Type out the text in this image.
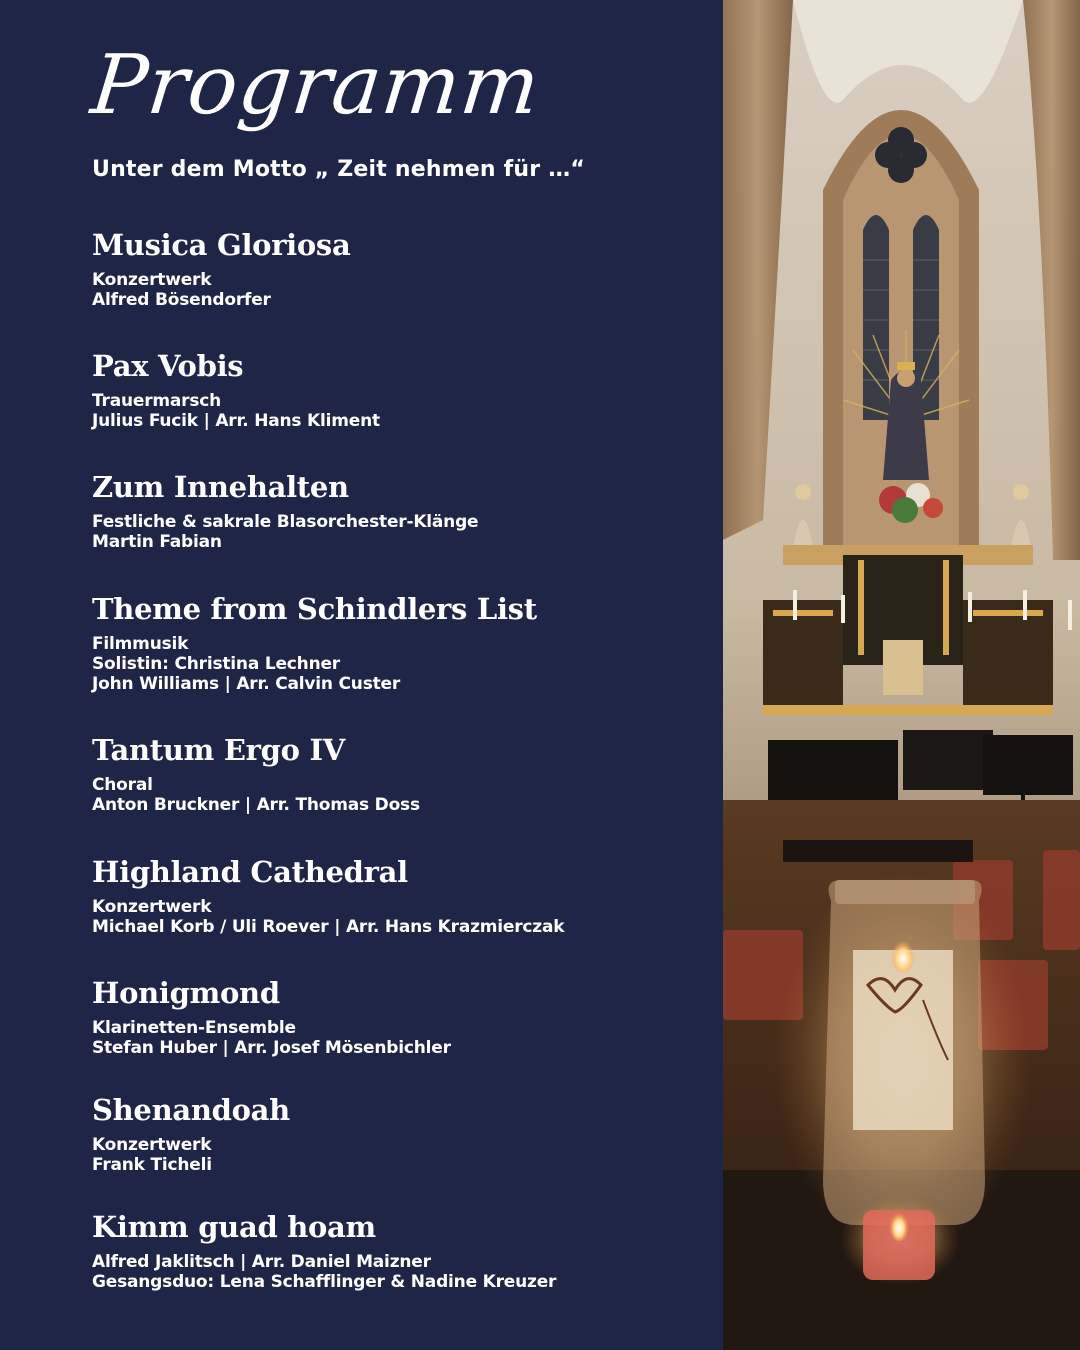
Programm
Unter dem Motto „ Zeit nehmen für …“
Musica Gloriosa
Konzertwerk
Alfred Bösendorfer
Pax Vobis
Trauermarsch
Julius Fucik | Arr. Hans Kliment
Zum Innehalten
Festliche & sakrale Blasorchester-Klänge
Martin Fabian
Theme from Schindlers List
Filmmusik
Solistin: Christina Lechner
John Williams | Arr. Calvin Custer
Tantum Ergo IV
Choral
Anton Bruckner | Arr. Thomas Doss
Highland Cathedral
Konzertwerk
Michael Korb / Uli Roever | Arr. Hans Krazmierczak
Honigmond
Klarinetten-Ensemble
Stefan Huber | Arr. Josef Mösenbichler
Shenandoah
Konzertwerk
Frank Ticheli
Kimm guad hoam
Alfred Jaklitsch | Arr. Daniel Maizner
Gesangsduo: Lena Schafflinger & Nadine Kreuzer
